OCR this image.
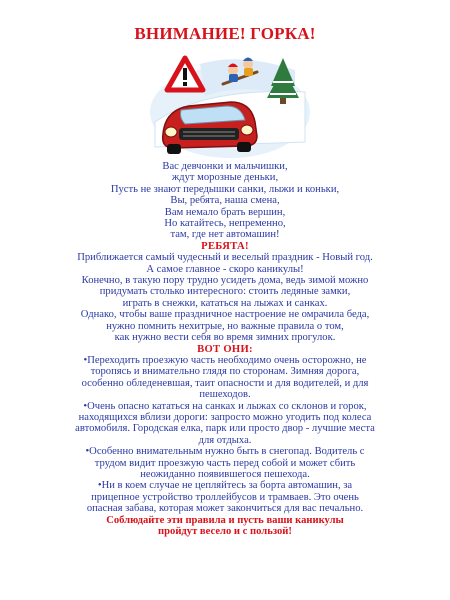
ВНИМАНИЕ! ГОРКА!
Вас девчонки и мальчишки,
ждут морозные деньки,
Пусть не знают передышки санки, лыжи и коньки,
Вы, ребята, наша смена,
Вам немало брать вершин,
Но катайтесь, непременно,
там, где нет автомашин!
РЕБЯТА!
Приближается самый чудесный и веселый праздник - Новый год.
А самое главное - скоро каникулы!
Конечно, в такую пору трудно усидеть дома, ведь зимой можно
придумать столько интересного: стоить ледяные замки,
играть в снежки, кататься на лыжах и санках.
Однако, чтобы ваше праздничное настроение не омрачила беда,
нужно помнить нехитрые, но важные правила о том,
как нужно вести себя во время зимних прогулок.
ВОТ ОНИ:
•Переходить проезжую часть необходимо очень осторожно, не
торопясь и внимательно глядя по сторонам. Зимняя дорога,
особенно обледеневшая, таит опасности и для водителей, и для
пешеходов.
•Очень опасно кататься на санках и лыжах со склонов и горок,
находящихся вблизи дороги: запросто можно угодить под колеса
автомобиля. Городская елка, парк или просто двор - лучшие места
для отдыха.
•Особенно внимательным нужно быть в снегопад. Водитель с
трудом видит проезжую часть перед собой и может сбить
неожиданно появившегося пешехода.
•Ни в коем случае не цепляйтесь за борта автомашин, за
прицепное устройство троллейбусов и трамваев. Это очень
опасная забава, которая может закончиться для вас печально.
Соблюдайте эти правила и пусть ваши каникулы
пройдут весело и с пользой!
